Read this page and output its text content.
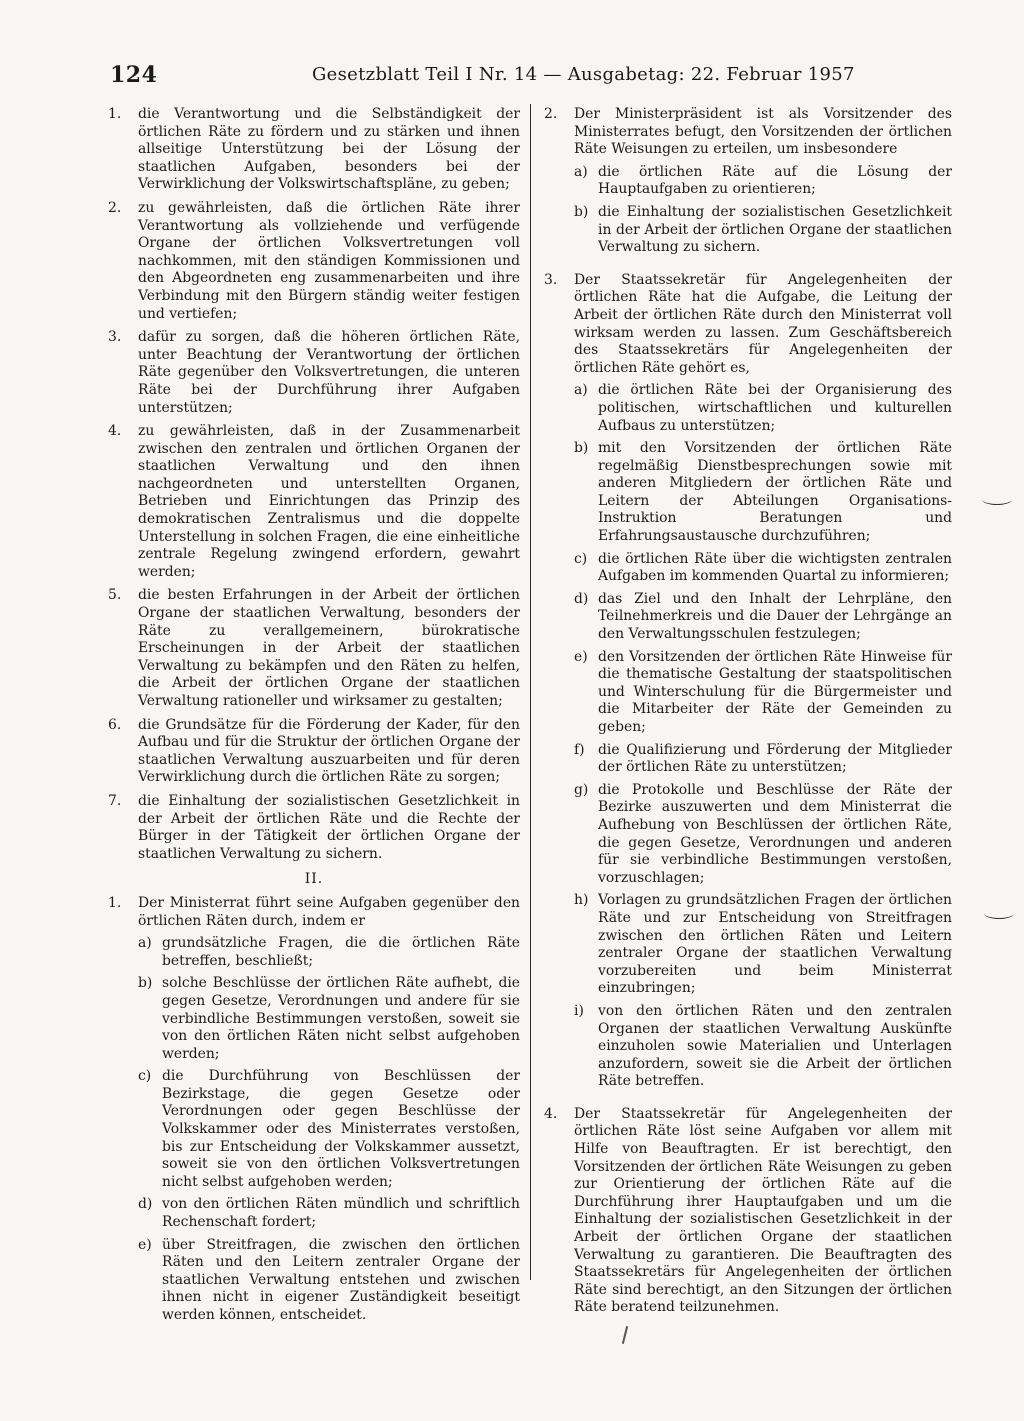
124	Gesetzblatt Teil I Nr. 14 — Ausgabetag: 22. Februar 1957
1.	die Verantwortung und die Selbständigkeit der örtlichen Räte zu fördern und zu stärken und ihnen allseitige Unterstützung bei der Lösung der staatlichen Aufgaben, besonders bei der Verwirklichung der Volkswirtschaftspläne, zu geben;
2.	zu gewährleisten, daß die örtlichen Räte ihrer Verantwortung als vollziehende und verfügende Organe der örtlichen Volksvertretungen voll nachkommen, mit den ständigen Kommissionen und den Abgeordneten eng zusammenarbeiten und ihre Verbindung mit den Bürgern ständig weiter festigen und vertiefen;
3.	dafür zu sorgen, daß die höheren örtlichen Räte, unter Beachtung der Verantwortung der örtlichen Räte gegenüber den Volksvertretungen, die unteren Räte bei der Durchführung ihrer Aufgaben unterstützen;
4.	zu gewährleisten, daß in der Zusammenarbeit zwischen den zentralen und örtlichen Organen der staatlichen Verwaltung und den ihnen nachgeordneten und unterstellten Organen, Betrieben und Einrichtungen das Prinzip des demokratischen Zentralismus und die doppelte Unterstellung in solchen Fragen, die eine einheitliche zentrale Regelung zwingend erfordern, gewahrt werden;
5.	die besten Erfahrungen in der Arbeit der örtlichen Organe der staatlichen Verwaltung, besonders der Räte zu verallgemeinern, bürokratische Erscheinungen in der Arbeit der staatlichen Verwaltung zu bekämpfen und den Räten zu helfen, die Arbeit der örtlichen Organe der staatlichen Verwaltung rationeller und wirksamer zu gestalten;
6.	die Grundsätze für die Förderung der Kader, für den Aufbau und für die Struktur der örtlichen Organe der staatlichen Verwaltung auszuarbeiten und für deren Verwirklichung durch die örtlichen Räte zu sorgen;
7.	die Einhaltung der sozialistischen Gesetzlichkeit in der Arbeit der örtlichen Räte und die Rechte der Bürger in der Tätigkeit der örtlichen Organe der staatlichen Verwaltung zu sichern.
II.
1.	Der Ministerrat führt seine Aufgaben gegenüber den örtlichen Räten durch, indem er
a) grundsätzliche Fragen, die die örtlichen Räte betreffen, beschließt;
b) solche Beschlüsse der örtlichen Räte aufhebt, die gegen Gesetze, Verordnungen und andere für sie verbindliche Bestimmungen verstoßen, soweit sie von den örtlichen Räten nicht selbst aufgehoben werden;
c) die Durchführung von Beschlüssen der Bezirkstage, die gegen Gesetze oder Verordnungen oder gegen Beschlüsse der Volkskammer oder des Ministerrates verstoßen, bis zur Entscheidung der Volkskammer aussetzt, soweit sie von den örtlichen Volksvertretungen nicht selbst aufgehoben werden;
d) von den örtlichen Räten mündlich und schriftlich Rechenschaft fordert;
e) über Streitfragen, die zwischen den örtlichen Räten und den Leitern zentraler Organe der staatlichen Verwaltung entstehen und zwischen ihnen nicht in eigener Zuständigkeit beseitigt werden können, entscheidet.
2.	Der Ministerpräsident ist als Vorsitzender des Ministerrates befugt, den Vorsitzenden der örtlichen Räte Weisungen zu erteilen, um insbesondere
a) die örtlichen Räte auf die Lösung der Hauptaufgaben zu orientieren;
b) die Einhaltung der sozialistischen Gesetzlichkeit in der Arbeit der örtlichen Organe der staatlichen Verwaltung zu sichern.
3.	Der Staatssekretär für Angelegenheiten der örtlichen Räte hat die Aufgabe, die Leitung der Arbeit der örtlichen Räte durch den Ministerrat voll wirksam werden zu lassen. Zum Geschäftsbereich des Staatssekretärs für Angelegenheiten der örtlichen Räte gehört es,
a) die örtlichen Räte bei der Organisierung des politischen, wirtschaftlichen und kulturellen Aufbaus zu unterstützen;
b) mit den Vorsitzenden der örtlichen Räte regelmäßig Dienstbesprechungen sowie mit anderen Mitgliedern der örtlichen Räte und Leitern der Abteilungen Organisations-Instruktion Beratungen und Erfahrungsaustausche durchzuführen;
c) die örtlichen Räte über die wichtigsten zentralen Aufgaben im kommenden Quartal zu informieren;
d) das Ziel und den Inhalt der Lehrpläne, den Teilnehmerkreis und die Dauer der Lehrgänge an den Verwaltungsschulen festzulegen;
e) den Vorsitzenden der örtlichen Räte Hinweise für die thematische Gestaltung der staatspolitischen und Winterschulung für die Bürgermeister und die Mitarbeiter der Räte der Gemeinden zu geben;
f) die Qualifizierung und Förderung der Mitglieder der örtlichen Räte zu unterstützen;
g) die Protokolle und Beschlüsse der Räte der Bezirke auszuwerten und dem Ministerrat die Aufhebung von Beschlüssen der örtlichen Räte, die gegen Gesetze, Verordnungen und anderen für sie verbindliche Bestimmungen verstoßen, vorzuschlagen;
h) Vorlagen zu grundsätzlichen Fragen der örtlichen Räte und zur Entscheidung von Streitfragen zwischen den örtlichen Räten und Leitern zentraler Organe der staatlichen Verwaltung vorzubereiten und beim Ministerrat einzubringen;
i)	von den örtlichen Räten und den zentralen Organen der staatlichen Verwaltung Auskünfte einzuholen sowie Materialien und Unterlagen anzufordern, soweit sie die Arbeit der örtlichen Räte betreffen.
4.	Der Staatssekretär für Angelegenheiten der örtlichen Räte löst seine Aufgaben vor allem mit Hilfe von Beauftragten. Er ist berechtigt, den Vorsitzenden der örtlichen Räte Weisungen zu geben zur Orientierung der örtlichen Räte auf die Durchführung ihrer Hauptaufgaben und um die Einhaltung der sozialistischen Gesetzlichkeit in der Arbeit der örtlichen Organe der staatlichen Verwaltung zu garantieren. Die Beauftragten des Staatssekretärs für Angelegenheiten der örtlichen Räte sind berechtigt, an den Sitzungen der örtlichen Räte beratend teilzunehmen.
